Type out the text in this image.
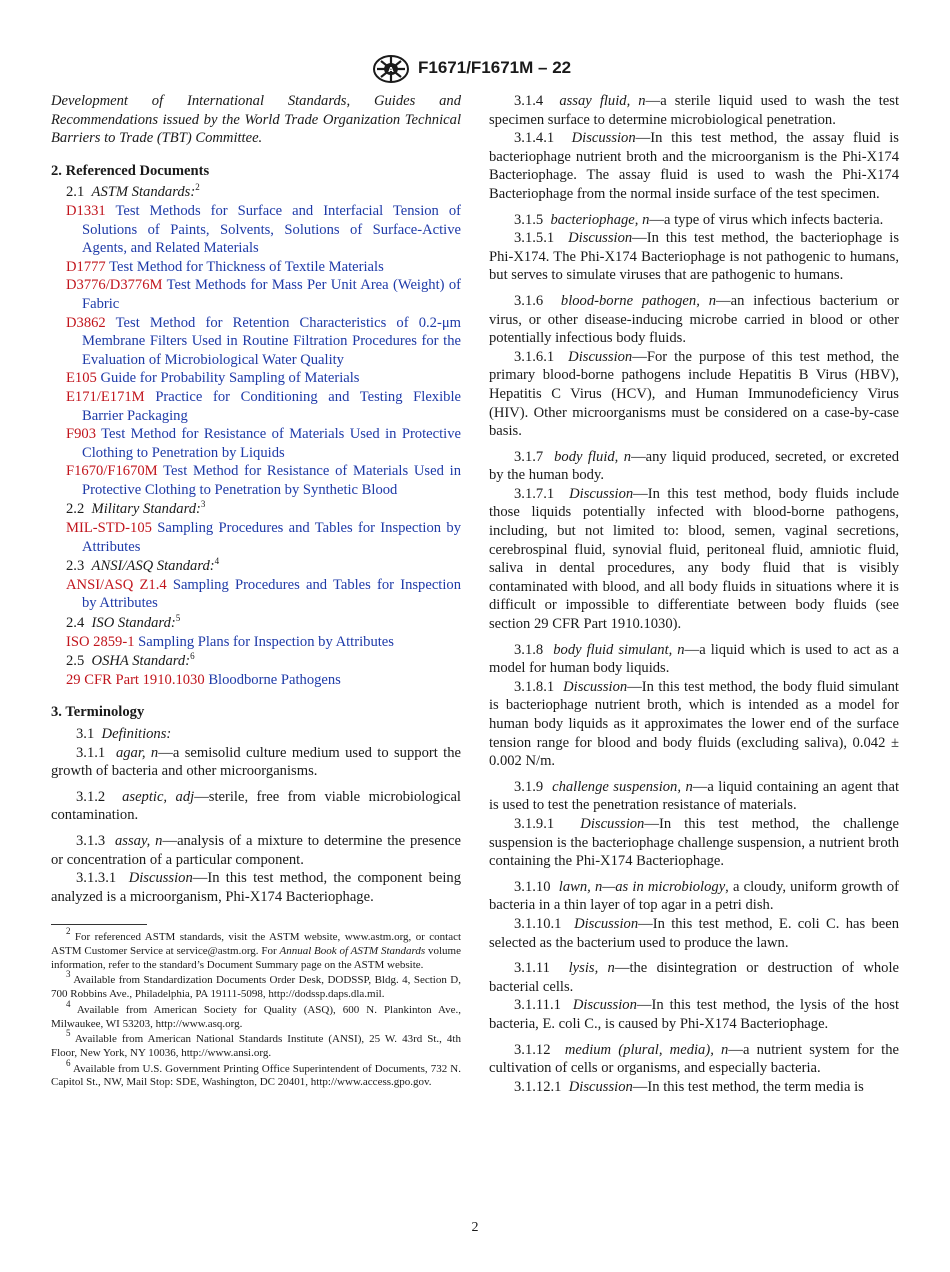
A F1671/F1671M – 22

Development of International Standards, Guides and Recommendations issued by the World Trade Organization Technical Barriers to Trade (TBT) Committee.

2. Referenced Documents

2.1 ASTM Standards:$^2$

D1331 Test Methods for Surface and Interfacial Tension of Solutions of Paints, Solvents, Solutions of Surface-Active Agents, and Related Materials

D1777 Test Method for Thickness of Textile Materials

D3776/D3776M Test Methods for Mass Per Unit Area (Weight) of Fabric

D3862 Test Method for Retention Characteristics of 0.2-μm Membrane Filters Used in Routine Filtration Procedures for the Evaluation of Microbiological Water Quality

E105 Guide for Probability Sampling of Materials

E171/E171M Practice for Conditioning and Testing Flexible Barrier Packaging

F903 Test Method for Resistance of Materials Used in Protective Clothing to Penetration by Liquids

F1670/F1670M Test Method for Resistance of Materials Used in Protective Clothing to Penetration by Synthetic Blood

2.2 Military Standard:$^3$

MIL-STD-105 Sampling Procedures and Tables for Inspection by Attributes

2.3 ANSI/ASQ Standard:$^4$

ANSI/ASQ Z1.4 Sampling Procedures and Tables for Inspection by Attributes

2.4 ISO Standard:$^5$

ISO 2859-1 Sampling Plans for Inspection by Attributes

2.5 OSHA Standard:$^6$

29 CFR Part 1910.1030 Bloodborne Pathogens

3. Terminology

3.1 Definitions:

3.1.1 agar, n—a semisolid culture medium used to support the growth of bacteria and other microorganisms.

3.1.2 aseptic, adj—sterile, free from viable microbiological contamination.

3.1.3 assay, n—analysis of a mixture to determine the presence or concentration of a particular component.

3.1.3.1 Discussion—In this test method, the component being analyzed is a microorganism, Phi-X174 Bacteriophage.

$^2$ For referenced ASTM standards, visit the ASTM website, www.astm.org, or contact ASTM Customer Service at service@astm.org. For Annual Book of ASTM Standards volume information, refer to the standard’s Document Summary page on the ASTM website.

$^3$ Available from Standardization Documents Order Desk, DODSSP, Bldg. 4, Section D, 700 Robbins Ave., Philadelphia, PA 19111-5098, http://dodssp.daps.dla.mil.

$^4$ Available from American Society for Quality (ASQ), 600 N. Plankinton Ave., Milwaukee, WI 53203, http://www.asq.org.

$^5$ Available from American National Standards Institute (ANSI), 25 W. 43rd St., 4th Floor, New York, NY 10036, http://www.ansi.org.

$^6$ Available from U.S. Government Printing Office Superintendent of Documents, 732 N. Capitol St., NW, Mail Stop: SDE, Washington, DC 20401, http://www.access.gpo.gov.

3.1.4 assay fluid, n—a sterile liquid used to wash the test specimen surface to determine microbiological penetration.

3.1.4.1 Discussion—In this test method, the assay fluid is bacteriophage nutrient broth and the microorganism is the Phi-X174 Bacteriophage. The assay fluid is used to wash the Phi-X174 Bacteriophage from the normal inside surface of the test specimen.

3.1.5 bacteriophage, n—a type of virus which infects bacteria.

3.1.5.1 Discussion—In this test method, the bacteriophage is Phi-X174. The Phi-X174 Bacteriophage is not pathogenic to humans, but serves to simulate viruses that are pathogenic to humans.

3.1.6 blood-borne pathogen, n—an infectious bacterium or virus, or other disease-inducing microbe carried in blood or other potentially infectious body fluids.

3.1.6.1 Discussion—For the purpose of this test method, the primary blood-borne pathogens include Hepatitis B Virus (HBV), Hepatitis C Virus (HCV), and Human Immunodeficiency Virus (HIV). Other microorganisms must be considered on a case-by-case basis.

3.1.7 body fluid, n—any liquid produced, secreted, or excreted by the human body.

3.1.7.1 Discussion—In this test method, body fluids include those liquids potentially infected with blood-borne pathogens, including, but not limited to: blood, semen, vaginal secretions, cerebrospinal fluid, synovial fluid, peritoneal fluid, amniotic fluid, saliva in dental procedures, any body fluid that is visibly contaminated with blood, and all body fluids in situations where it is difficult or impossible to differentiate between body fluids (see section 29 CFR Part 1910.1030).

3.1.8 body fluid simulant, n—a liquid which is used to act as a model for human body liquids.

3.1.8.1 Discussion—In this test method, the body fluid simulant is bacteriophage nutrient broth, which is intended as a model for human body liquids as it approximates the lower end of the surface tension range for blood and body fluids (excluding saliva), 0.042 ± 0.002 N/m.

3.1.9 challenge suspension, n—a liquid containing an agent that is used to test the penetration resistance of materials.

3.1.9.1 Discussion—In this test method, the challenge suspension is the bacteriophage challenge suspension, a nutrient broth containing the Phi-X174 Bacteriophage.

3.1.10 lawn, n—as in microbiology, a cloudy, uniform growth of bacteria in a thin layer of top agar in a petri dish.

3.1.10.1 Discussion—In this test method, E. coli C. has been selected as the bacterium used to produce the lawn.

3.1.11 lysis, n—the disintegration or destruction of whole bacterial cells.

3.1.11.1 Discussion—In this test method, the lysis of the host bacteria, E. coli C., is caused by Phi-X174 Bacteriophage.

3.1.12 medium (plural, media), n—a nutrient system for the cultivation of cells or organisms, and especially bacteria.

3.1.12.1 Discussion—In this test method, the term media is

2
